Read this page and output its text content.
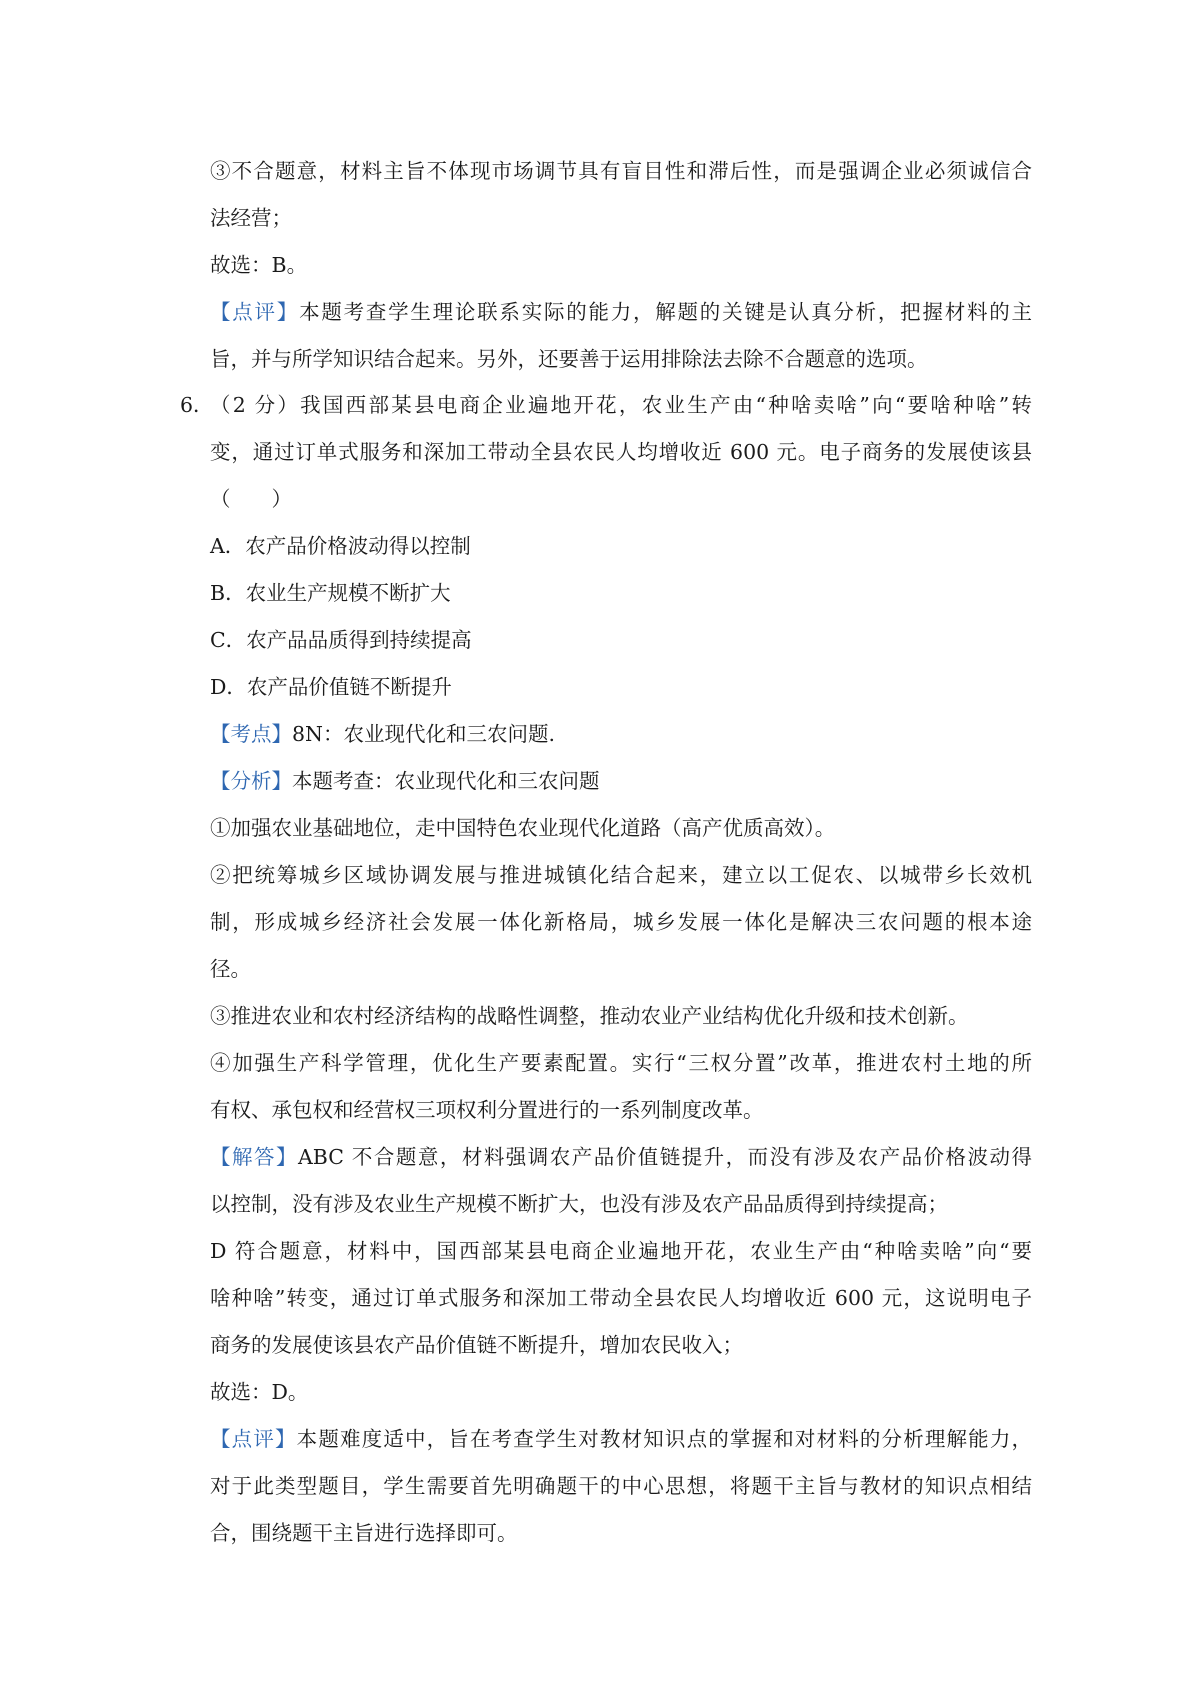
③不合题意，材料主旨不体现市场调节具有盲目性和滞后性，而是强调企业必须诚信合
法经营；
故选：B。
【点评】本题考查学生理论联系实际的能力，解题的关键是认真分析，把握材料的主
旨，并与所学知识结合起来。另外，还要善于运用排除法去除不合题意的选项。
6．
（2 分）我国西部某县电商企业遍地开花，农业生产由“种啥卖啥”向“要啥种啥”转
变，通过订单式服务和深加工带动全县农民人均增收近 600 元。电子商务的发展使该县
（　　）
A．农产品价格波动得以控制
B．农业生产规模不断扩大
C．农产品品质得到持续提高
D．农产品价值链不断提升
【考点】8N：农业现代化和三农问题.
【分析】本题考查：农业现代化和三农问题
①加强农业基础地位，走中国特色农业现代化道路（高产优质高效）。
②把统筹城乡区域协调发展与推进城镇化结合起来，建立以工促农、以城带乡长效机
制，形成城乡经济社会发展一体化新格局，城乡发展一体化是解决三农问题的根本途
径。
③推进农业和农村经济结构的战略性调整，推动农业产业结构优化升级和技术创新。
④加强生产科学管理，优化生产要素配置。实行“三权分置”改革，推进农村土地的所
有权、承包权和经营权三项权利分置进行的一系列制度改革。
【解答】ABC 不合题意，材料强调农产品价值链提升，而没有涉及农产品价格波动得
以控制，没有涉及农业生产规模不断扩大，也没有涉及农产品品质得到持续提高；
D 符合题意，材料中，国西部某县电商企业遍地开花，农业生产由“种啥卖啥”向“要
啥种啥”转变，通过订单式服务和深加工带动全县农民人均增收近 600 元，这说明电子
商务的发展使该县农产品价值链不断提升，增加农民收入；
故选：D。
【点评】本题难度适中，旨在考查学生对教材知识点的掌握和对材料的分析理解能力，
对于此类型题目，学生需要首先明确题干的中心思想，将题干主旨与教材的知识点相结
合，围绕题干主旨进行选择即可。
